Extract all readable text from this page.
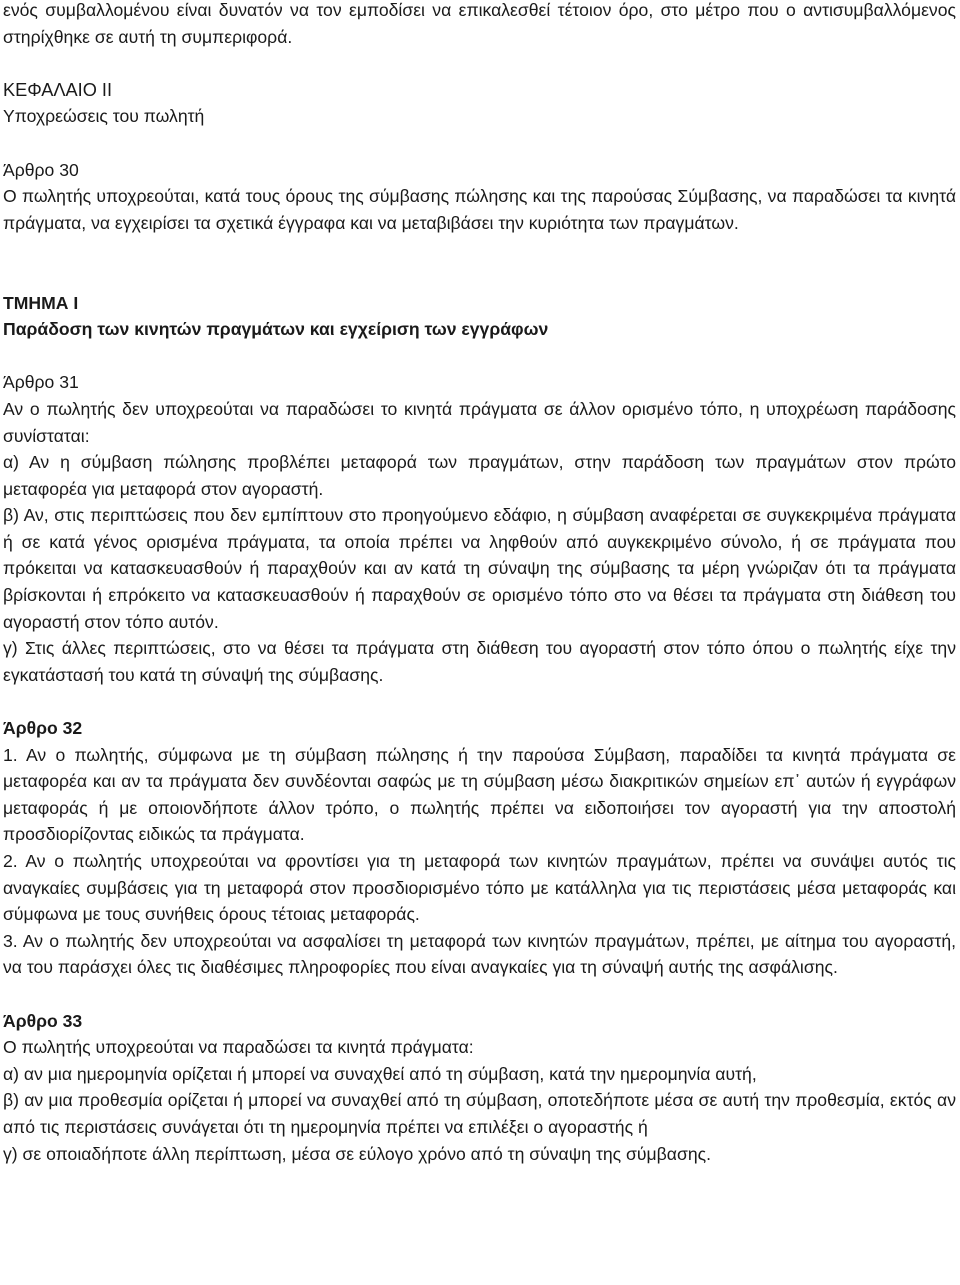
ενός συμβαλλομένου είναι δυνατόν να τον εμποδίσει να επικαλεσθεί τέτοιον όρο, στο μέτρο που ο αντισυμβαλλόμενος στηρίχθηκε σε αυτή τη συμπεριφορά.

ΚΕΦΑΛΑΙΟ ΙΙ

Υποχρεώσεις του πωλητή

Άρθρο 30

Ο πωλητής υποχρεούται, κατά τους όρους της σύμβασης πώλησης και της παρούσας Σύμβασης, να παραδώσει τα κινητά πράγματα, να εγχειρίσει τα σχετικά έγγραφα και να μεταβιβάσει την κυριότητα των πραγμάτων.

ΤΜΗΜΑ Ι

Παράδοση των κινητών πραγμάτων και εγχείριση των εγγράφων

Άρθρο 31

Αν ο πωλητής δεν υποχρεούται να παραδώσει το κινητά πράγματα σε άλλον ορισμένο τόπο, η υποχρέωση παράδοσης συνίσταται:

α) Αν η σύμβαση πώλησης προβλέπει μεταφορά των πραγμάτων, στην παράδοση των πραγμάτων στον πρώτο μεταφορέα για μεταφορά στον αγοραστή.

β) Αν, στις περιπτώσεις που δεν εμπίπτουν στο προηγούμενο εδάφιο, η σύμβαση αναφέρεται σε συγκεκριμένα πράγματα ή σε κατά γένος ορισμένα πράγματα, τα οποία πρέπει να ληφθούν από αυγκεκριμένο σύνολο, ή σε πράγματα που πρόκειται να κατασκευασθούν ή παραχθούν και αν κατά τη σύναψη της σύμβασης τα μέρη γνώριζαν ότι τα πράγματα βρίσκονται ή επρόκειτο να κατασκευασθούν ή παραχθούν σε ορισμένο τόπο στο να θέσει τα πράγματα στη διάθεση του αγοραστή στον τόπο αυτόν.

γ) Στις άλλες περιπτώσεις, στο να θέσει τα πράγματα στη διάθεση του αγοραστή στον τόπο όπου ο πωλητής είχε την εγκατάστασή του κατά τη σύναψή της σύμβασης.

Άρθρο 32

1. Αν ο πωλητής, σύμφωνα με τη σύμβαση πώλησης ή την παρούσα Σύμβαση, παραδίδει τα κινητά πράγματα σε μεταφορέα και αν τα πράγματα δεν συνδέονται σαφώς με τη σύμβαση μέσω διακριτικών σημείων επ᾽ αυτών ή εγγράφων μεταφοράς ή με οποιονδήποτε άλλον τρόπο, ο πωλητής πρέπει να ειδοποιήσει τον αγοραστή για την αποστολή προσδιορίζοντας ειδικώς τα πράγματα.

2. Αν ο πωλητής υποχρεούται να φροντίσει για τη μεταφορά των κινητών πραγμάτων, πρέπει να συνάψει αυτός τις αναγκαίες συμβάσεις για τη μεταφορά στον προσδιορισμένο τόπο με κατάλληλα για τις περιστάσεις μέσα μεταφοράς και σύμφωνα με τους συνήθεις όρους τέτοιας μεταφοράς.

3. Αν ο πωλητής δεν υποχρεούται να ασφαλίσει τη μεταφορά των κινητών πραγμάτων, πρέπει, με αίτημα του αγοραστή, να του παράσχει όλες τις διαθέσιμες πληροφορίες που είναι αναγκαίες για τη σύναψή αυτής της ασφάλισης.

Άρθρο 33

Ο πωλητής υποχρεούται να παραδώσει τα κινητά πράγματα:

α) αν μια ημερομηνία ορίζεται ή μπορεί να συναχθεί από τη σύμβαση, κατά την ημερομηνία αυτή,

β) αν μια προθεσμία ορίζεται ή μπορεί να συναχθεί από τη σύμβαση, οποτεδήποτε μέσα σε αυτή την προθεσμία, εκτός αν από τις περιστάσεις συνάγεται ότι τη ημερομηνία πρέπει να επιλέξει ο αγοραστής ή

γ) σε οποιαδήποτε άλλη περίπτωση, μέσα σε εύλογο χρόνο από τη σύναψη της σύμβασης.
